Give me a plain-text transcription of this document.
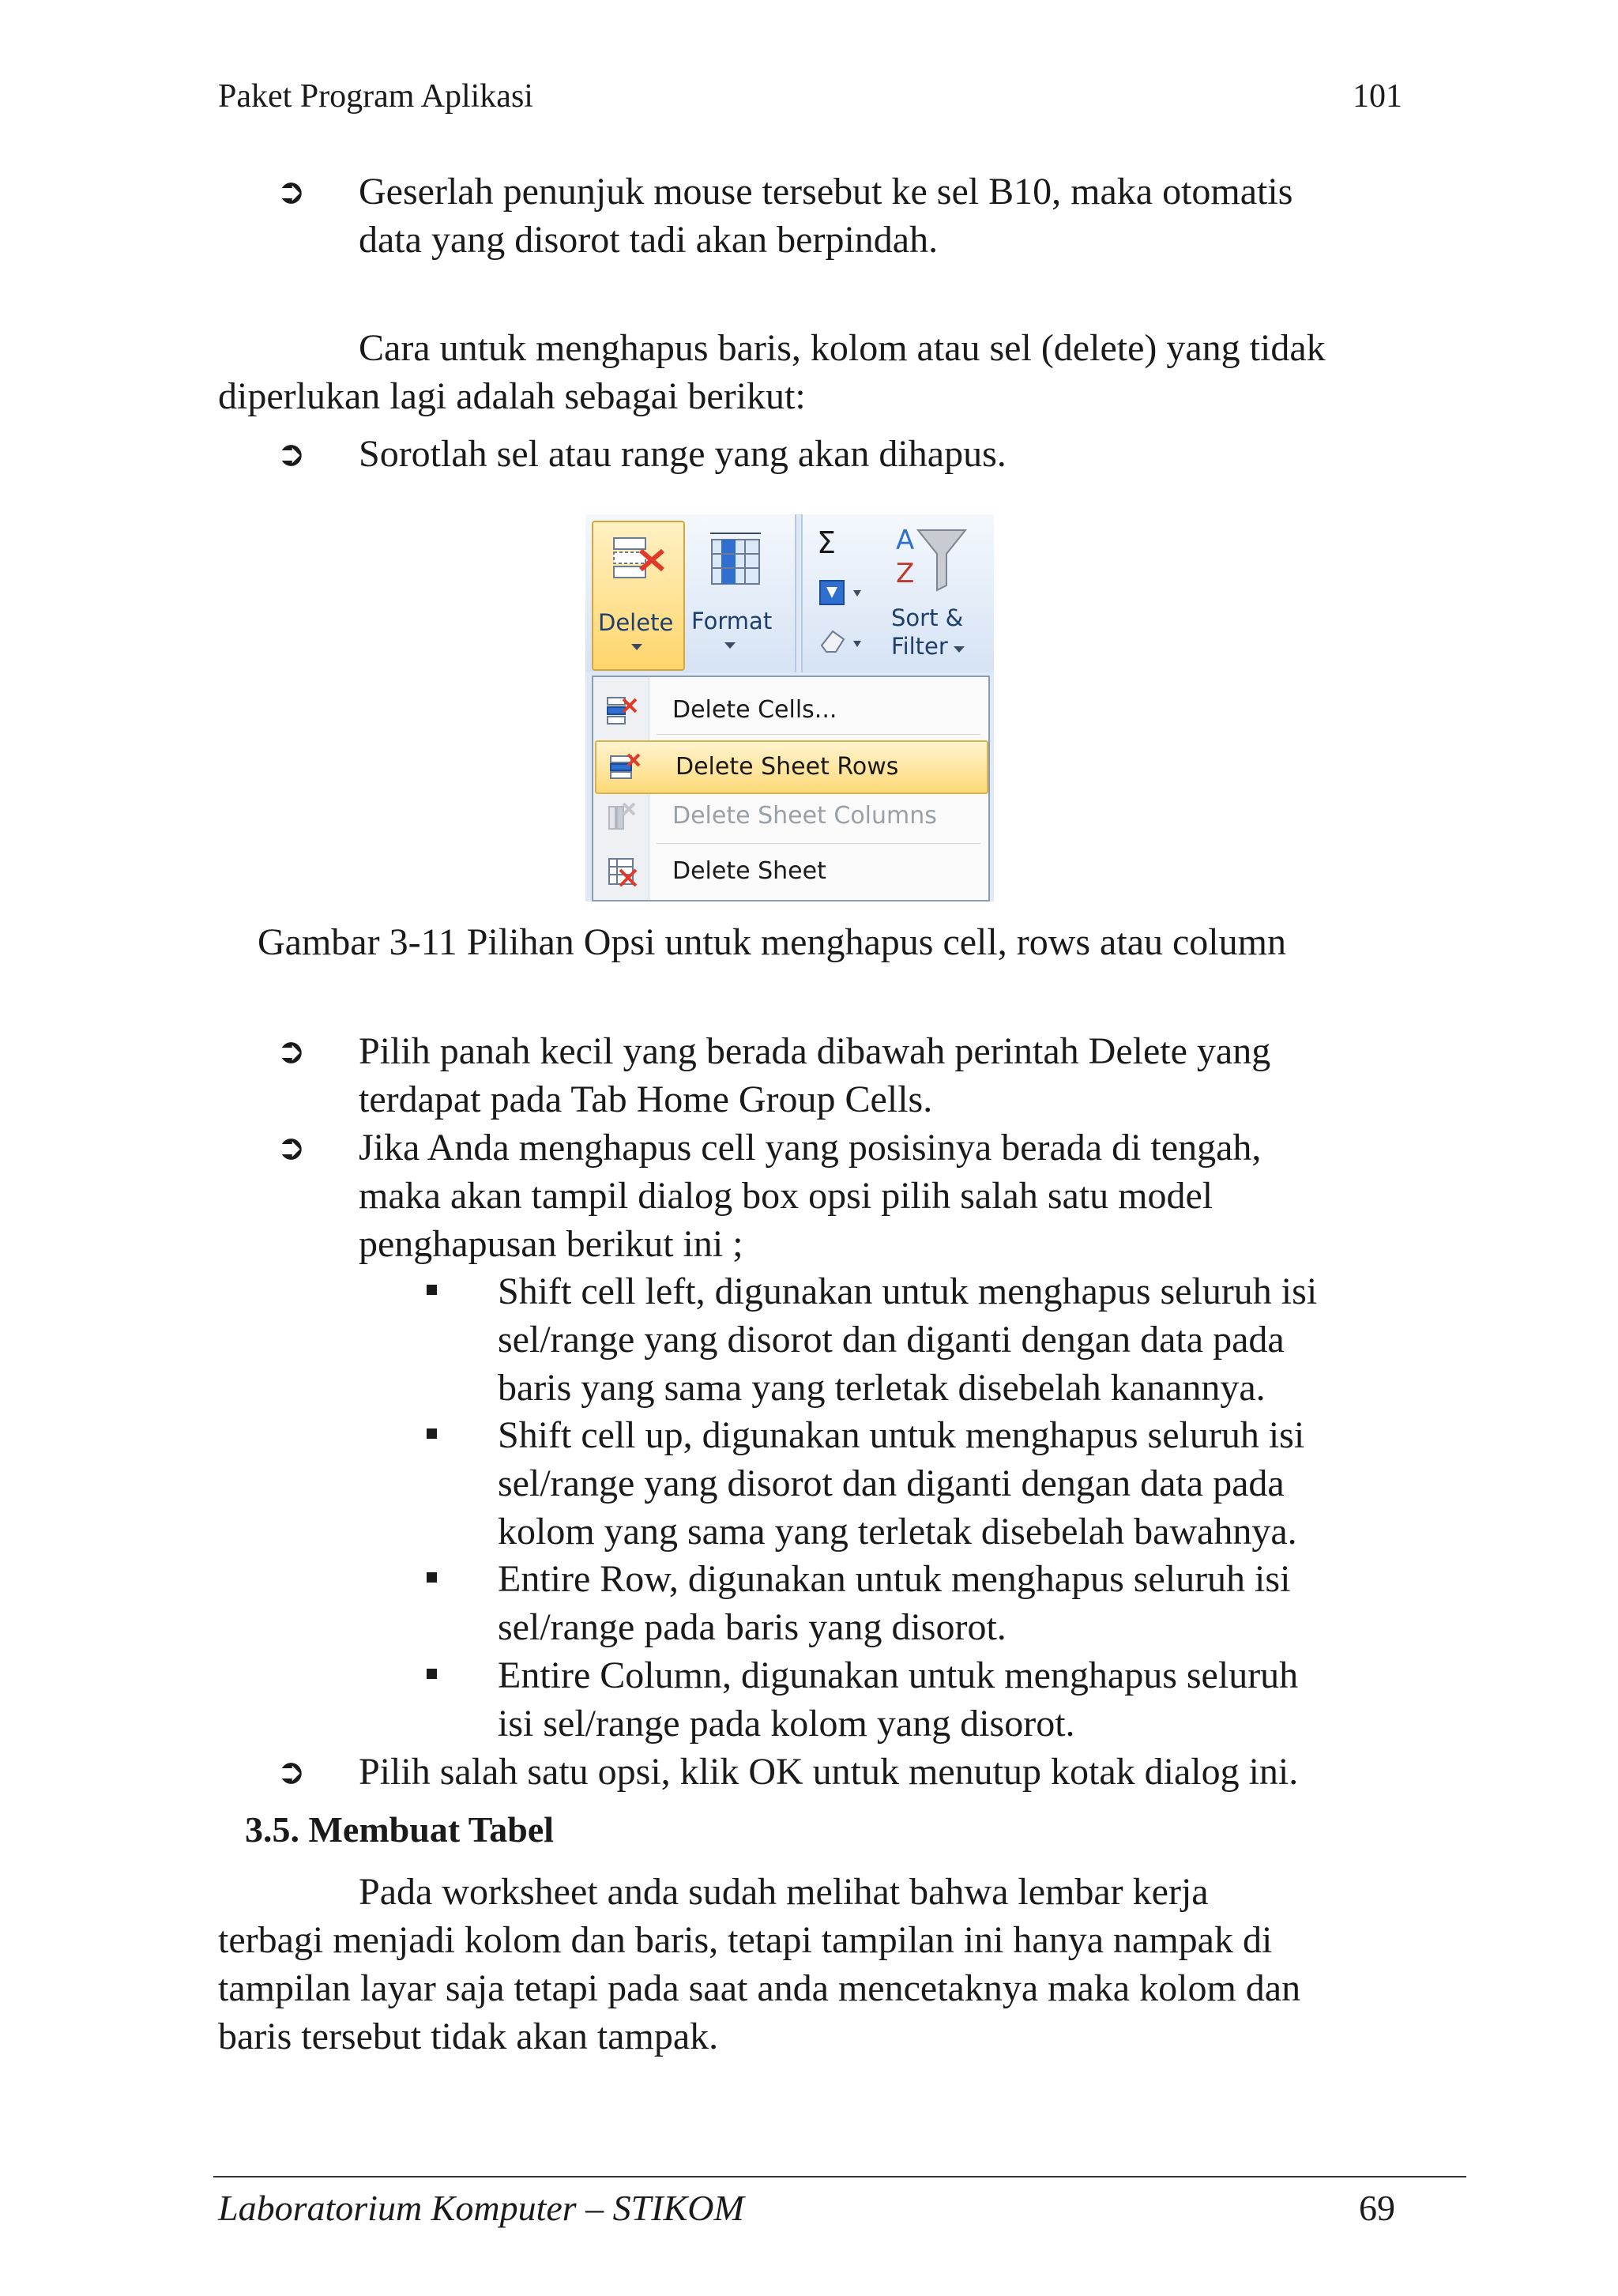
Paket Program Aplikasi	101
➲ Geserlah penunjuk mouse tersebut ke sel B10, maka otomatis
data yang disorot tadi akan berpindah.
Cara untuk menghapus baris, kolom atau sel (delete) yang tidak
diperlukan lagi adalah sebagai berikut:
➲ Sorotlah sel atau range yang akan dihapus.
Delete Format
Σ A
Z
Sort &
Filter
Delete Cells...
Delete Sheet Rows
Delete Sheet Columns
Delete Sheet
Gambar 3-11 Pilihan Opsi untuk menghapus cell, rows atau column
➲ Pilih panah kecil yang berada dibawah perintah Delete yang
terdapat pada Tab Home Group Cells.
➲ Jika Anda menghapus cell yang posisinya berada di tengah,
maka akan tampil dialog box opsi pilih salah satu model
penghapusan berikut ini ;
Shift cell left, digunakan untuk menghapus seluruh isi
sel/range yang disorot dan diganti dengan data pada
baris yang sama yang terletak disebelah kanannya.
Shift cell up, digunakan untuk menghapus seluruh isi
sel/range yang disorot dan diganti dengan data pada
kolom yang sama yang terletak disebelah bawahnya.
Entire Row, digunakan untuk menghapus seluruh isi
sel/range pada baris yang disorot.
Entire Column, digunakan untuk menghapus seluruh
isi sel/range pada kolom yang disorot.
➲ Pilih salah satu opsi, klik OK untuk menutup kotak dialog ini.
3.5. Membuat Tabel
Pada worksheet anda sudah melihat bahwa lembar kerja
terbagi menjadi kolom dan baris, tetapi tampilan ini hanya nampak di
tampilan layar saja tetapi pada saat anda mencetaknya maka kolom dan
baris tersebut tidak akan tampak.
Laboratorium Komputer – STIKOM	69
